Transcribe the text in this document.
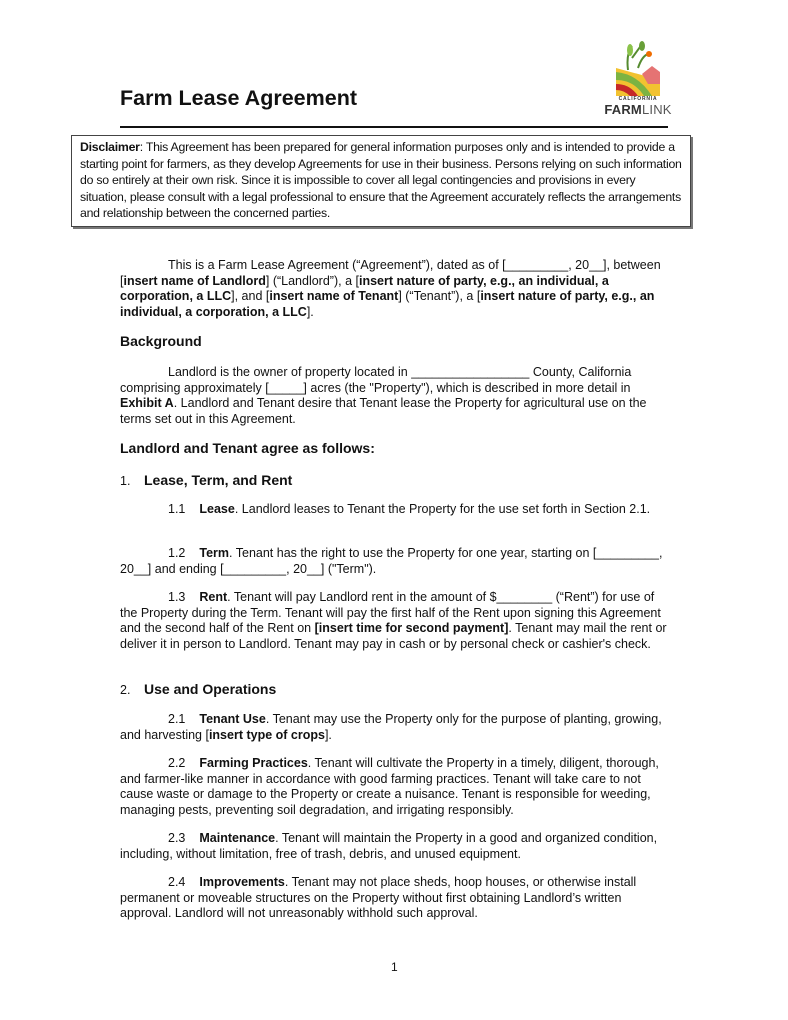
Farm Lease Agreement	CALIFORNIA
FARMLINK
Disclaimer: This Agreement has been prepared for general information purposes only and is intended to provide a starting point for farmers, as they develop Agreements for use in their business. Persons relying on such information do so entirely at their own risk. Since it is impossible to cover all legal contingencies and provisions in every situation, please consult with a legal professional to ensure that the Agreement accurately reflects the arrangements and relationship between the concerned parties.
This is a Farm Lease Agreement (“Agreement”), dated as of [_________, 20__], between [insert name of Landlord] (“Landlord”), a [insert nature of party, e.g., an individual, a corporation, a LLC], and [insert name of Tenant] (“Tenant”), a [insert nature of party, e.g., an individual, a corporation, a LLC].
Background
Landlord is the owner of property located in _________________ County, California comprising approximately [_____] acres (the "Property"), which is described in more detail in Exhibit A. Landlord and Tenant desire that Tenant lease the Property for agricultural use on the terms set out in this Agreement.
Landlord and Tenant agree as follows:
1. Lease, Term, and Rent
1.1 Lease. Landlord leases to Tenant the Property for the use set forth in Section 2.1.
1.2 Term. Tenant has the right to use the Property for one year, starting on [_________, 20__] and ending [_________, 20__] ("Term").
1.3 Rent. Tenant will pay Landlord rent in the amount of $________ (“Rent”) for use of the Property during the Term. Tenant will pay the first half of the Rent upon signing this Agreement and the second half of the Rent on [insert time for second payment]. Tenant may mail the rent or deliver it in person to Landlord. Tenant may pay in cash or by personal check or cashier's check.
2. Use and Operations
2.1 Tenant Use. Tenant may use the Property only for the purpose of planting, growing, and harvesting [insert type of crops].
2.2 Farming Practices. Tenant will cultivate the Property in a timely, diligent, thorough, and farmer-like manner in accordance with good farming practices. Tenant will take care to not cause waste or damage to the Property or create a nuisance. Tenant is responsible for weeding, managing pests, preventing soil degradation, and irrigating responsibly.
2.3 Maintenance. Tenant will maintain the Property in a good and organized condition, including, without limitation, free of trash, debris, and unused equipment.
2.4 Improvements. Tenant may not place sheds, hoop houses, or otherwise install permanent or moveable structures on the Property without first obtaining Landlord’s written approval. Landlord will not unreasonably withhold such approval.
1
